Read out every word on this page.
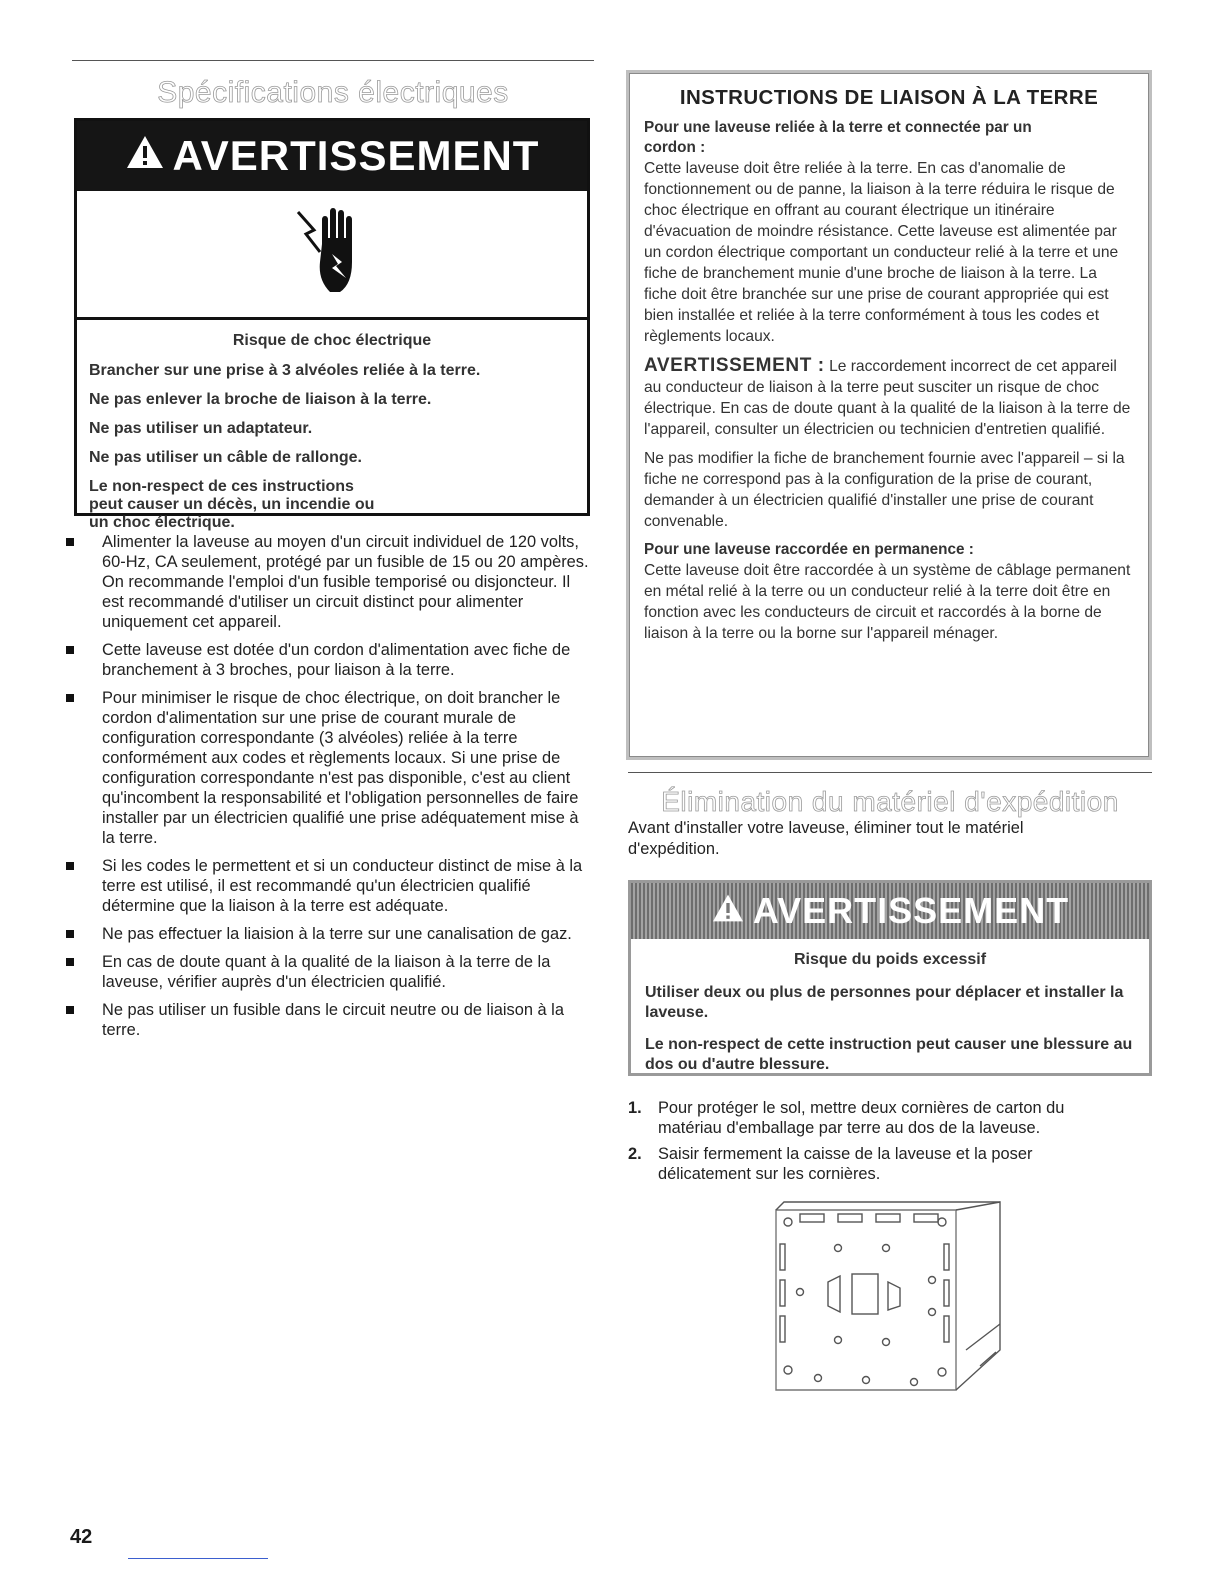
Spécifications électriques
AVERTISSEMENT

Risque de choc électrique

Brancher sur une prise à 3 alvéoles reliée à la terre.

Ne pas enlever la broche de liaison à la terre.

Ne pas utiliser un adaptateur.

Ne pas utiliser un câble de rallonge.

Le non-respect de ces instructions peut causer un décès, un incendie ou un choc électrique.

Alimenter la laveuse au moyen d'un circuit individuel de 120 volts, 60-Hz, CA seulement, protégé par un fusible de 15 ou 20 ampères. On recommande l'emploi d'un fusible temporisé ou disjoncteur. Il est recommandé d'utiliser un circuit distinct pour alimenter uniquement cet appareil.
Cette laveuse est dotée d'un cordon d'alimentation avec fiche de branchement à 3 broches, pour liaison à la terre.
Pour minimiser le risque de choc électrique, on doit brancher le cordon d'alimentation sur une prise de courant murale de configuration correspondante (3 alvéoles) reliée à la terre conformément aux codes et règlements locaux. Si une prise de configuration correspondante n'est pas disponible, c'est au client qu'incombent la responsabilité et l'obligation personnelles de faire installer par un électricien qualifié une prise adéquatement mise à la terre.
Si les codes le permettent et si un conducteur distinct de mise à la terre est utilisé, il est recommandé qu'un électricien qualifié détermine que la liaison à la terre est adéquate.
Ne pas effectuer la liaision à la terre sur une canalisation de gaz.
En cas de doute quant à la qualité de la liaison à la terre de la laveuse, vérifier auprès d'un électricien qualifié.
Ne pas utiliser un fusible dans le circuit neutre ou de liaison à la terre.
42

INSTRUCTIONS DE LIAISON À LA TERRE

Pour une laveuse reliée à la terre et connectée par un cordon :

Cette laveuse doit être reliée à la terre. En cas d'anomalie de fonctionnement ou de panne, la liaison à la terre réduira le risque de choc électrique en offrant au courant électrique un itinéraire d'évacuation de moindre résistance. Cette laveuse est alimentée par un cordon électrique comportant un conducteur relié à la terre et une fiche de branchement munie d'une broche de liaison à la terre. La fiche doit être branchée sur une prise de courant appropriée qui est bien installée et reliée à la terre conformément à tous les codes et règlements locaux.

AVERTISSEMENT : Le raccordement incorrect de cet appareil au conducteur de liaison à la terre peut susciter un risque de choc électrique. En cas de doute quant à la qualité de la liaison à la terre de l'appareil, consulter un électricien ou technicien d'entretien qualifié.

Ne pas modifier la fiche de branchement fournie avec l'appareil – si la fiche ne correspond pas à la configuration de la prise de courant, demander à un électricien qualifié d'installer une prise de courant convenable.

Pour une laveuse raccordée en permanence :

Cette laveuse doit être raccordée à un système de câblage permanent en métal relié à la terre ou un conducteur relié à la terre doit être en fonction avec les conducteurs de circuit et raccordés à la borne de liaison à la terre ou la borne sur l'appareil ménager.

Élimination du matériel d'expédition

Avant d'installer votre laveuse, éliminer tout le matériel d'expédition.

AVERTISSEMENT

Risque du poids excessif

Utiliser deux ou plus de personnes pour déplacer et installer la laveuse.

Le non-respect de cette instruction peut causer une blessure au dos ou d'autre blessure.

1. Pour protéger le sol, mettre deux cornières de carton du matériau d'emballage par terre au dos de la laveuse.
2. Saisir fermement la caisse de la laveuse et la poser délicatement sur les cornières.
